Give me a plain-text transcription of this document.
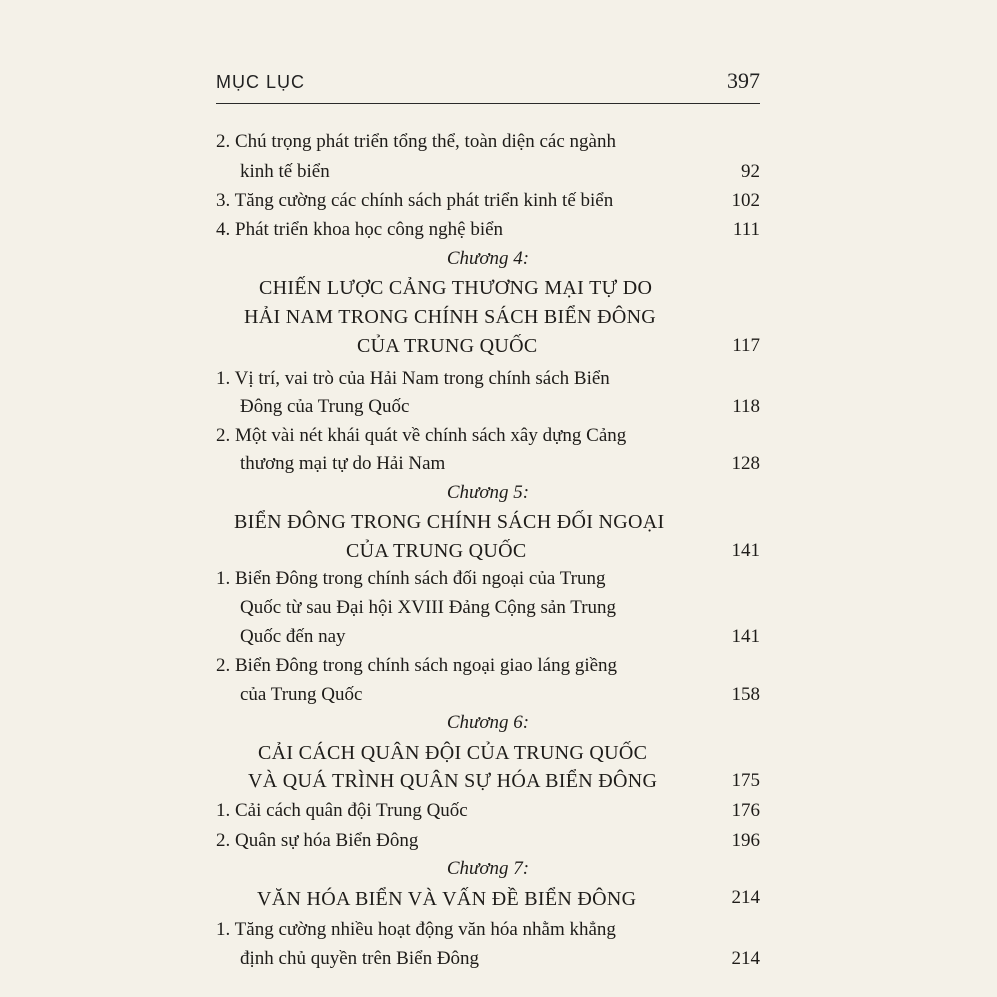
MỤC LỤC	397
2. Chú trọng phát triển tổng thể, toàn diện các ngành
kinh tế biển	92
3. Tăng cường các chính sách phát triển kinh tế biển	102
4. Phát triển khoa học công nghệ biển	111
Chương 4:
CHIẾN LƯỢC CẢNG THƯƠNG MẠI TỰ DO
HẢI NAM TRONG CHÍNH SÁCH BIỂN ĐÔNG
CỦA TRUNG QUỐC	117
1. Vị trí, vai trò của Hải Nam trong chính sách Biển
Đông của Trung Quốc	118
2. Một vài nét khái quát về chính sách xây dựng Cảng
thương mại tự do Hải Nam	128
Chương 5:
BIỂN ĐÔNG TRONG CHÍNH SÁCH ĐỐI NGOẠI
CỦA TRUNG QUỐC	141
1. Biển Đông trong chính sách đối ngoại của Trung
Quốc từ sau Đại hội XVIII Đảng Cộng sản Trung
Quốc đến nay	141
2. Biển Đông trong chính sách ngoại giao láng giềng
của Trung Quốc	158
Chương 6:
CẢI CÁCH QUÂN ĐỘI CỦA TRUNG QUỐC
VÀ QUÁ TRÌNH QUÂN SỰ HÓA BIỂN ĐÔNG	175
1. Cải cách quân đội Trung Quốc	176
2. Quân sự hóa Biển Đông	196
Chương 7:
VĂN HÓA BIỂN VÀ VẤN ĐỀ BIỂN ĐÔNG	214
1. Tăng cường nhiều hoạt động văn hóa nhằm khẳng
định chủ quyền trên Biển Đông	214
